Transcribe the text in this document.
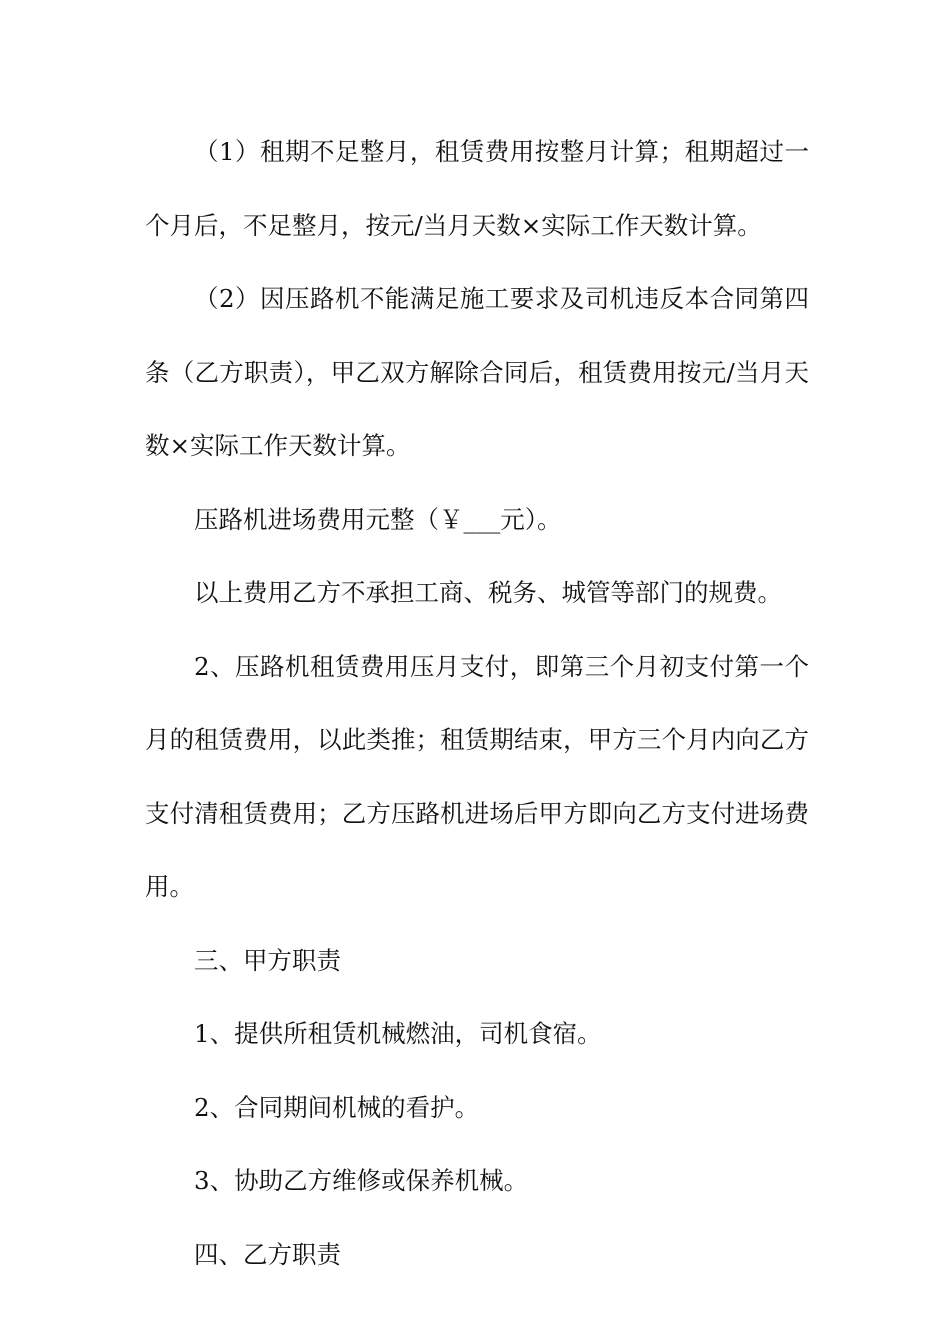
（1）租期不足整月，租赁费用按整月计算；租期超过一个月后，不足整月，按元/当月天数×实际工作天数计算。

（2）因压路机不能满足施工要求及司机违反本合同第四条（乙方职责），甲乙双方解除合同后，租赁费用按元/当月天数×实际工作天数计算。

压路机进场费用元整（￥___元）。

以上费用乙方不承担工商、税务、城管等部门的规费。

2、压路机租赁费用压月支付，即第三个月初支付第一个月的租赁费用，以此类推；租赁期结束，甲方三个月内向乙方支付清租赁费用；乙方压路机进场后甲方即向乙方支付进场费用。

三、甲方职责

1、提供所租赁机械燃油，司机食宿。

2、合同期间机械的看护。

3、协助乙方维修或保养机械。

四、乙方职责
